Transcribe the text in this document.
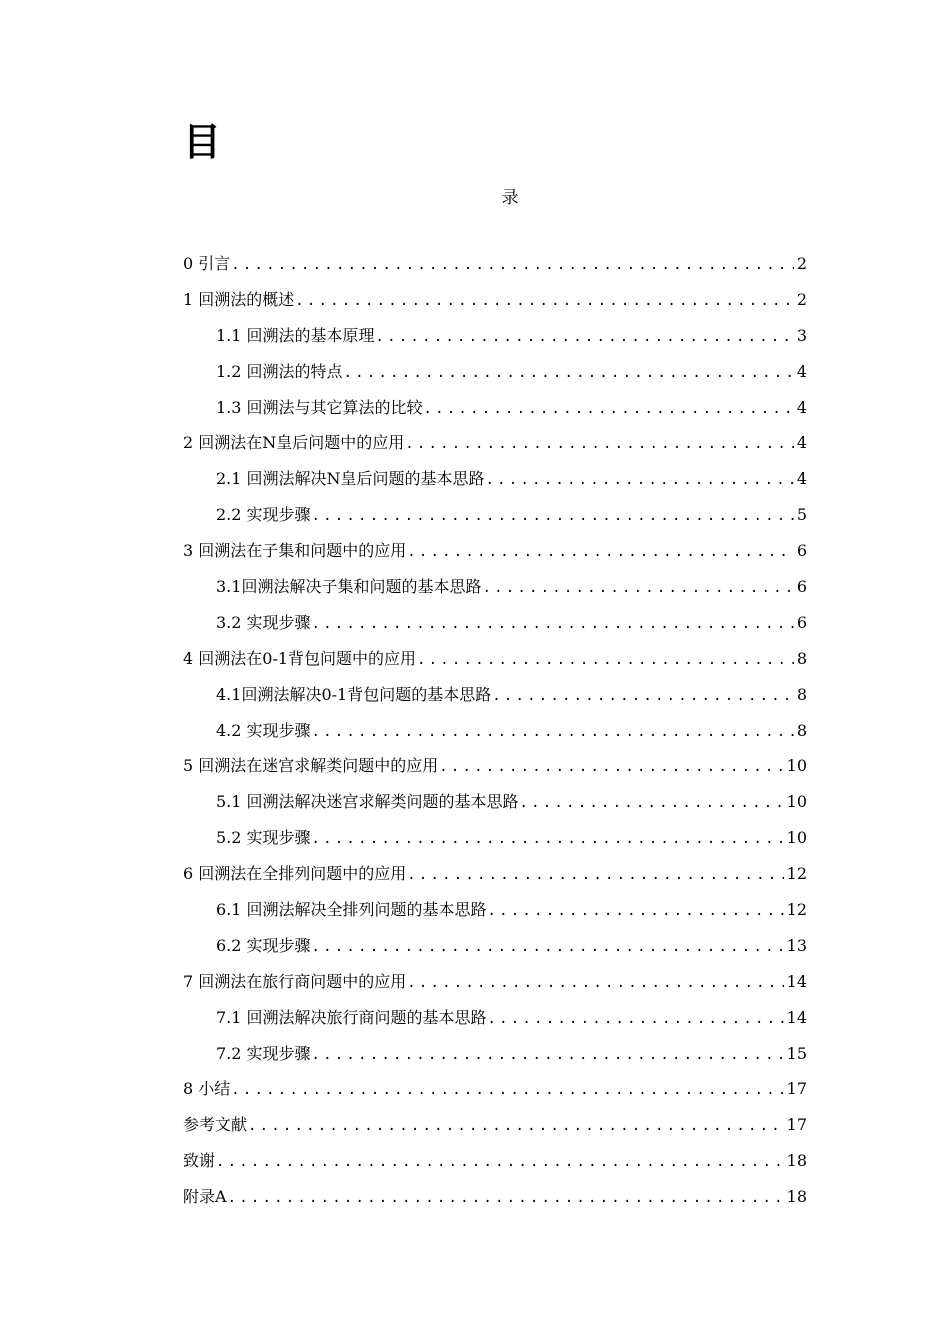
目
录
0 引言 .....	2
1 回溯法的概述 .....	2
1.1 回溯法的基本原理 .....	3
1.2 回溯法的特点 .....	4
1.3 回溯法与其它算法的比较 .....	4
2 回溯法在N皇后问题中的应用 .....	4
2.1 回溯法解决N皇后问题的基本思路 .....	4
2.2 实现步骤 .....	5
3 回溯法在子集和问题中的应用 .....	6
3.1回溯法解决子集和问题的基本思路 .....	6
3.2 实现步骤 .....	6
4 回溯法在0-1背包问题中的应用 .....	8
4.1回溯法解决0-1背包问题的基本思路 .....	8
4.2 实现步骤 .....	8
5 回溯法在迷宫求解类问题中的应用 .....	10
5.1 回溯法解决迷宫求解类问题的基本思路 .....	10
5.2 实现步骤 .....	10
6 回溯法在全排列问题中的应用 .....	12
6.1 回溯法解决全排列问题的基本思路 .....	12
6.2 实现步骤 .....	13
7 回溯法在旅行商问题中的应用 .....	14
7.1 回溯法解决旅行商问题的基本思路 .....	14
7.2 实现步骤 .....	15
8 小结 .....	17
参考文献 .....	17
致谢 .....	18
附录A .....	18
